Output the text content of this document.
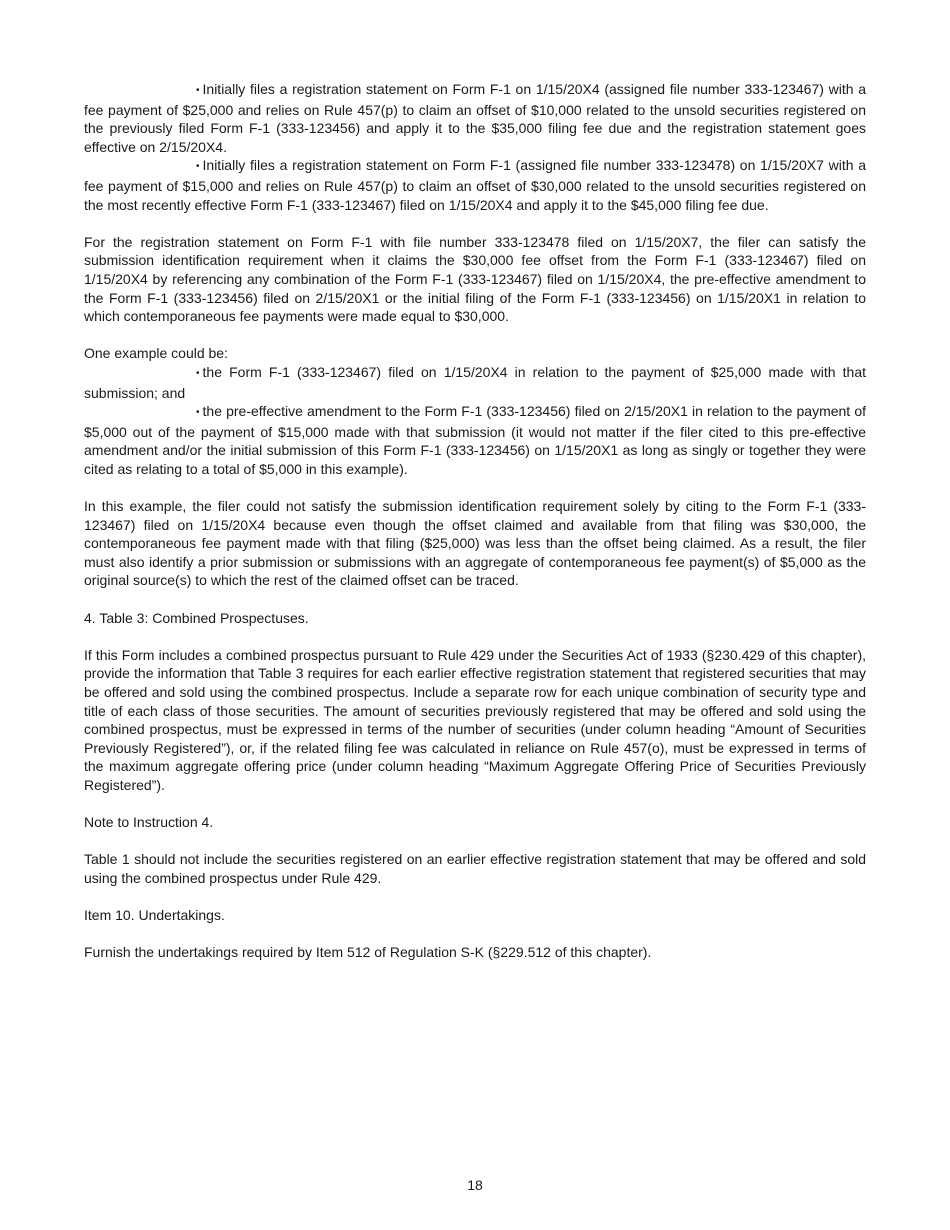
• Initially files a registration statement on Form F-1 on 1/15/20X4 (assigned file number 333-123467) with a fee payment of $25,000 and relies on Rule 457(p) to claim an offset of $10,000 related to the unsold securities registered on the previously filed Form F-1 (333-123456) and apply it to the $35,000 filing fee due and the registration statement goes effective on 2/15/20X4.

• Initially files a registration statement on Form F-1 (assigned file number 333-123478) on 1/15/20X7 with a fee payment of $15,000 and relies on Rule 457(p) to claim an offset of $30,000 related to the unsold securities registered on the most recently effective Form F-1 (333-123467) filed on 1/15/20X4 and apply it to the $45,000 filing fee due.

For the registration statement on Form F-1 with file number 333-123478 filed on 1/15/20X7, the filer can satisfy the submission identification requirement when it claims the $30,000 fee offset from the Form F-1 (333-123467) filed on 1/15/20X4 by referencing any combination of the Form F-1 (333-123467) filed on 1/15/20X4, the pre-effective amendment to the Form F-1 (333-123456) filed on 2/15/20X1 or the initial filing of the Form F-1 (333-123456) on 1/15/20X1 in relation to which contemporaneous fee payments were made equal to $30,000.

One example could be:

• the Form F-1 (333-123467) filed on 1/15/20X4 in relation to the payment of $25,000 made with that submission; and

• the pre-effective amendment to the Form F-1 (333-123456) filed on 2/15/20X1 in relation to the payment of $5,000 out of the payment of $15,000 made with that submission (it would not matter if the filer cited to this pre-effective amendment and/or the initial submission of this Form F-1 (333-123456) on 1/15/20X1 as long as singly or together they were cited as relating to a total of $5,000 in this example).

In this example, the filer could not satisfy the submission identification requirement solely by citing to the Form F-1 (333-123467) filed on 1/15/20X4 because even though the offset claimed and available from that filing was $30,000, the contemporaneous fee payment made with that filing ($25,000) was less than the offset being claimed. As a result, the filer must also identify a prior submission or submissions with an aggregate of contemporaneous fee payment(s) of $5,000 as the original source(s) to which the rest of the claimed offset can be traced.

4. Table 3: Combined Prospectuses.

If this Form includes a combined prospectus pursuant to Rule 429 under the Securities Act of 1933 (§230.429 of this chapter), provide the information that Table 3 requires for each earlier effective registration statement that registered securities that may be offered and sold using the combined prospectus. Include a separate row for each unique combination of security type and title of each class of those securities. The amount of securities previously registered that may be offered and sold using the combined prospectus, must be expressed in terms of the number of securities (under column heading “Amount of Securities Previously Registered”), or, if the related filing fee was calculated in reliance on Rule 457(o), must be expressed in terms of the maximum aggregate offering price (under column heading “Maximum Aggregate Offering Price of Securities Previously Registered”).

Note to Instruction 4.

Table 1 should not include the securities registered on an earlier effective registration statement that may be offered and sold using the combined prospectus under Rule 429.

Item 10. Undertakings.

Furnish the undertakings required by Item 512 of Regulation S-K (§229.512 of this chapter).

18
